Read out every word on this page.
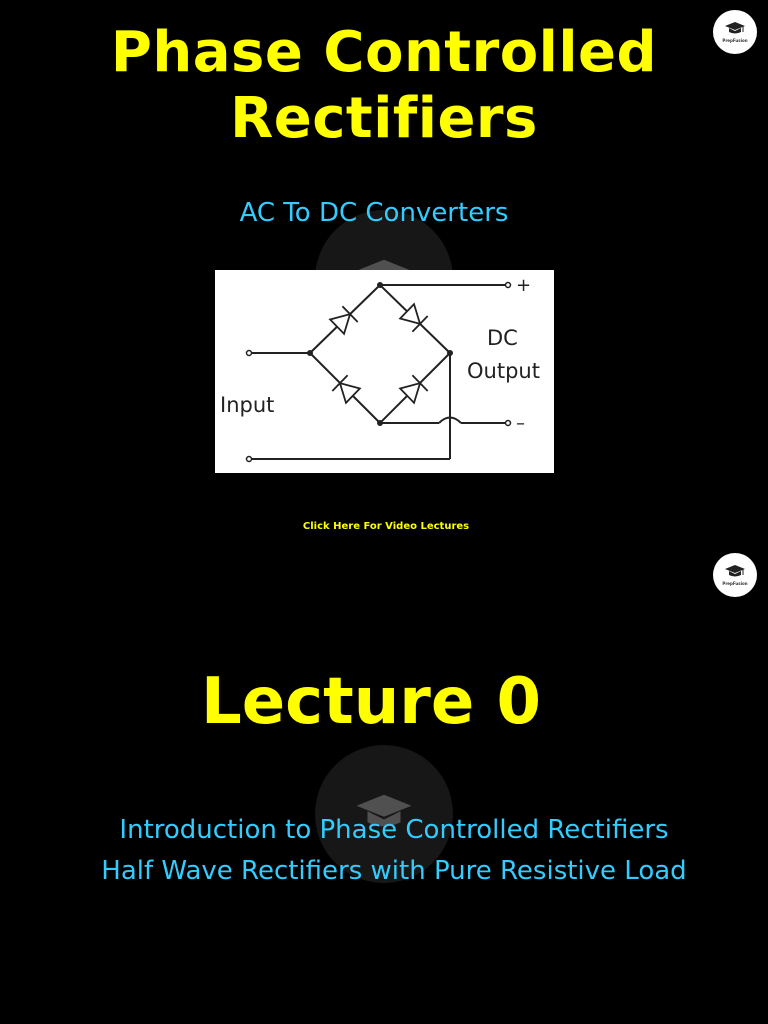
PrepFusion
Phase Controlled
Rectifiers
AC To DC Converters
+
–
DC
Output
Input
Click Here For Video Lectures
PrepFusion
Lecture 0
Introduction to Phase Controlled Rectifiers
Half Wave Rectifiers with Pure Resistive Load
